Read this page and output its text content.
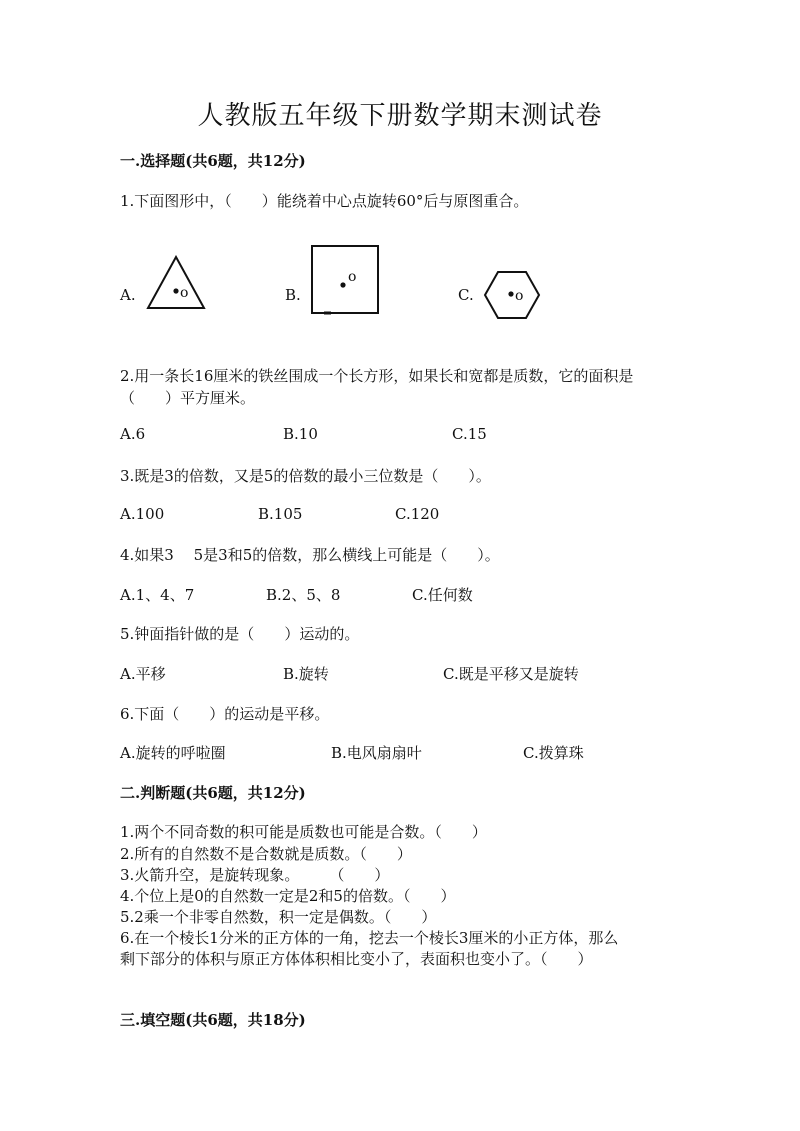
人教版五年级下册数学期末测试卷
一.选择题(共6题，共12分)
1.下面图形中，（　　）能绕着中心点旋转60°后与原图重合。
A.	o	B.
o
C.	o
2.用一条长16厘米的铁丝围成一个长方形，如果长和宽都是质数，它的面积是
（　　）平方厘米。
A.6	B.10	C.15
3.既是3的倍数，又是5的倍数的最小三位数是（　　）。
A.100	B.105	C.120
4.如果3　 5是3和5的倍数，那么横线上可能是（　　）。
A.1、4、7	B.2、5、8	C.任何数
5.钟面指针做的是（　　）运动的。
A.平移	B.旋转	C.既是平移又是旋转
6.下面（　　）的运动是平移。
A.旋转的呼啦圈	B.电风扇扇叶	C.拨算珠
二.判断题(共6题，共12分)
1.两个不同奇数的积可能是质数也可能是合数。（　　）
2.所有的自然数不是合数就是质数。（　　）
3.火箭升空，是旋转现象。　　　（　　）
4.个位上是0的自然数一定是2和5的倍数。（　　）
5.2乘一个非零自然数，积一定是偶数。（　　）
6.在一个棱长1分米的正方体的一角，挖去一个棱长3厘米的小正方体，那么
剩下部分的体积与原正方体体积相比变小了，表面积也变小了。（　　）
三.填空题(共6题，共18分)
